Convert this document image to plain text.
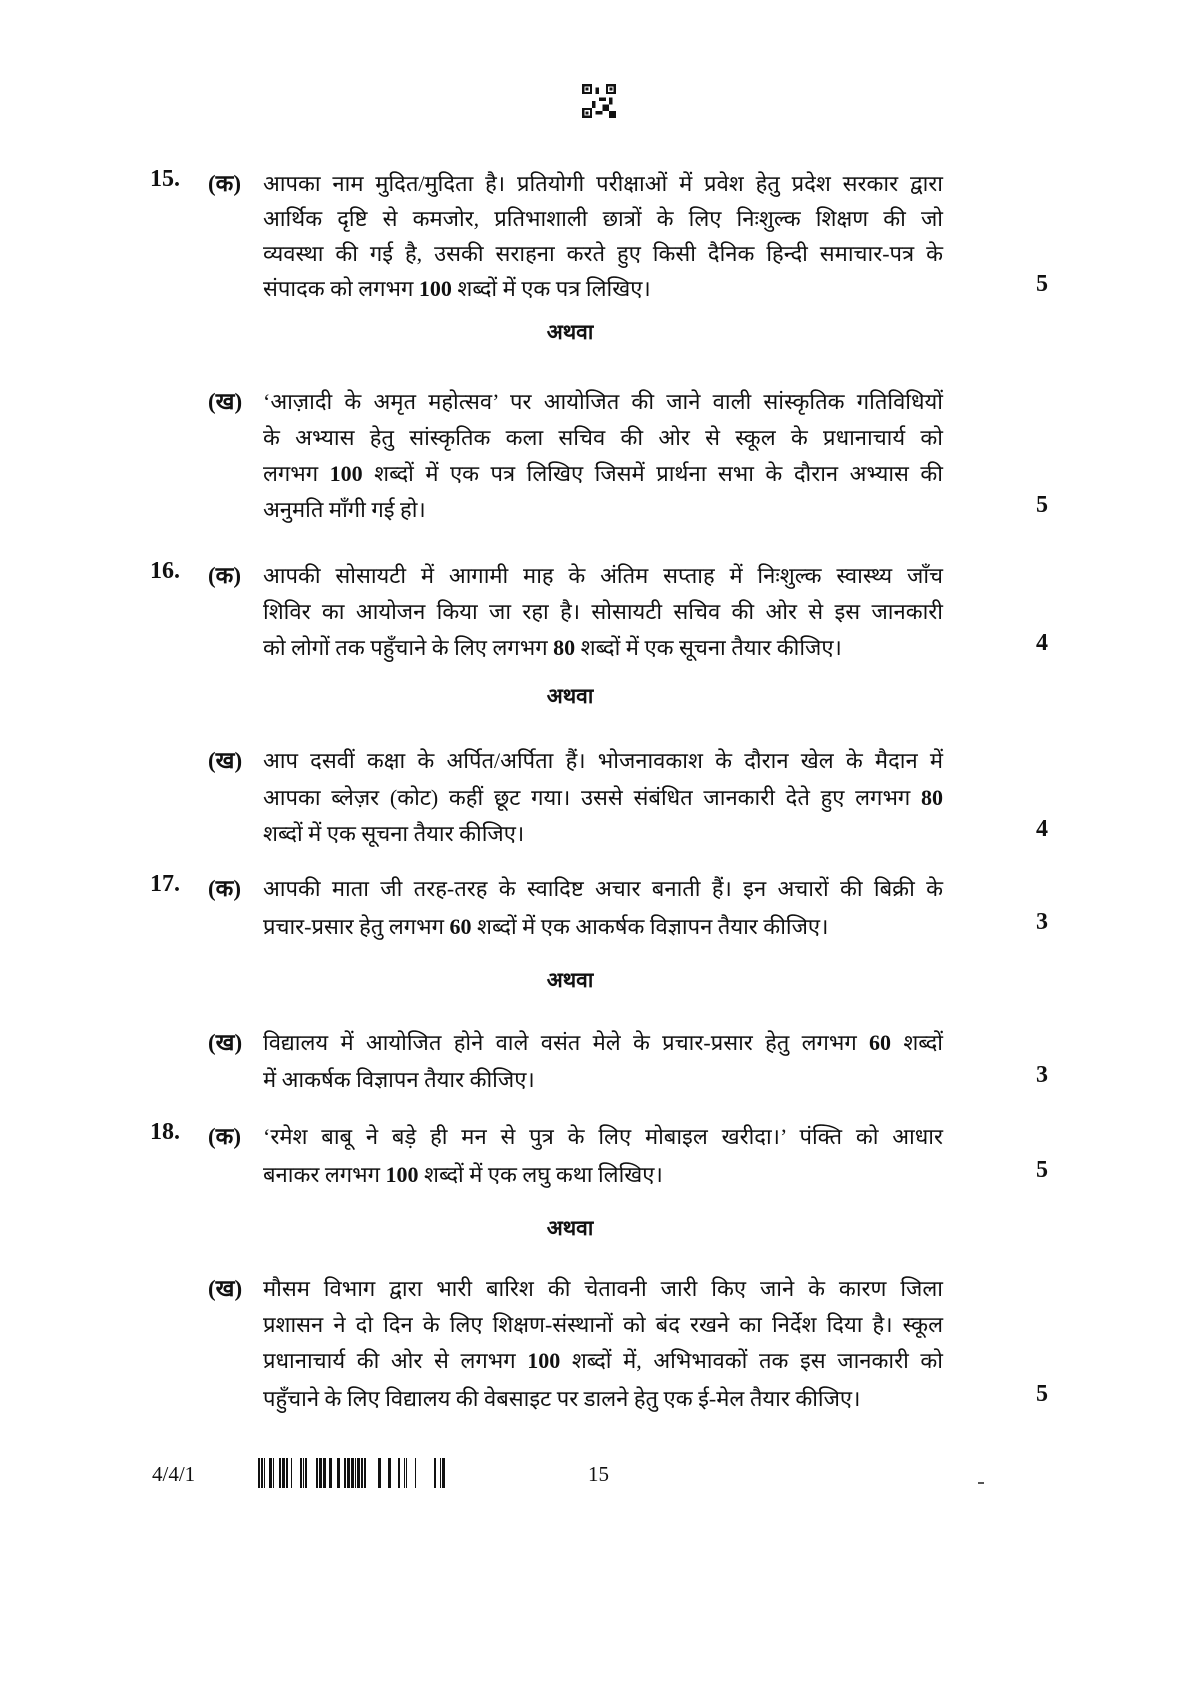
15. (क) आपका नाम मुदित/मुदिता है। प्रतियोगी परीक्षाओं में प्रवेश हेतु प्रदेश सरकार द्वारा
आर्थिक दृष्टि से कमजोर, प्रतिभाशाली छात्रों के लिए निःशुल्क शिक्षण की जो
व्यवस्था की गई है, उसकी सराहना करते हुए किसी दैनिक हिन्दी समाचार-पत्र के
संपादक को लगभग 100 शब्दों में एक पत्र लिखिए।	5
(ख) ‘आज़ादी के अमृत महोत्सव’ पर आयोजित की जाने वाली सांस्कृतिक गतिविधियों
के अभ्यास हेतु सांस्कृतिक कला सचिव की ओर से स्कूल के प्रधानाचार्य को
लगभग 100 शब्दों में एक पत्र लिखिए जिसमें प्रार्थना सभा के दौरान अभ्यास की
अनुमति माँगी गई हो।	5
अथवा
16. (क) आपकी सोसायटी में आगामी माह के अंतिम सप्ताह में निःशुल्क स्वास्थ्य जाँच
शिविर का आयोजन किया जा रहा है। सोसायटी सचिव की ओर से इस जानकारी
को लोगों तक पहुँचाने के लिए लगभग 80 शब्दों में एक सूचना तैयार कीजिए।	4
(ख) आप दसवीं कक्षा के अर्पित/अर्पिता हैं। भोजनावकाश के दौरान खेल के मैदान में
आपका ब्लेज़र (कोट) कहीं छूट गया। उससे संबंधित जानकारी देते हुए लगभग 80
शब्दों में एक सूचना तैयार कीजिए।	4
अथवा
17. (क) आपकी माता जी तरह-तरह के स्वादिष्ट अचार बनाती हैं। इन अचारों की बिक्री के
प्रचार-प्रसार हेतु लगभग 60 शब्दों में एक आकर्षक विज्ञापन तैयार कीजिए।	3
(ख) विद्यालय में आयोजित होने वाले वसंत मेले के प्रचार-प्रसार हेतु लगभग 60 शब्दों
में आकर्षक विज्ञापन तैयार कीजिए।	3
अथवा
18. (क) ‘रमेश बाबू ने बड़े ही मन से पुत्र के लिए मोबाइल खरीदा।’ पंक्ति को आधार
बनाकर लगभग 100 शब्दों में एक लघु कथा लिखिए।	5
(ख) मौसम विभाग द्वारा भारी बारिश की चेतावनी जारी किए जाने के कारण जिला
प्रशासन ने दो दिन के लिए शिक्षण-संस्थानों को बंद रखने का निर्देश दिया है। स्कूल
प्रधानाचार्य की ओर से लगभग 100 शब्दों में, अभिभावकों तक इस जानकारी को
पहुँचाने के लिए विद्यालय की वेबसाइट पर डालने हेतु एक ई-मेल तैयार कीजिए।	5
अथवा
4/4/1	15
